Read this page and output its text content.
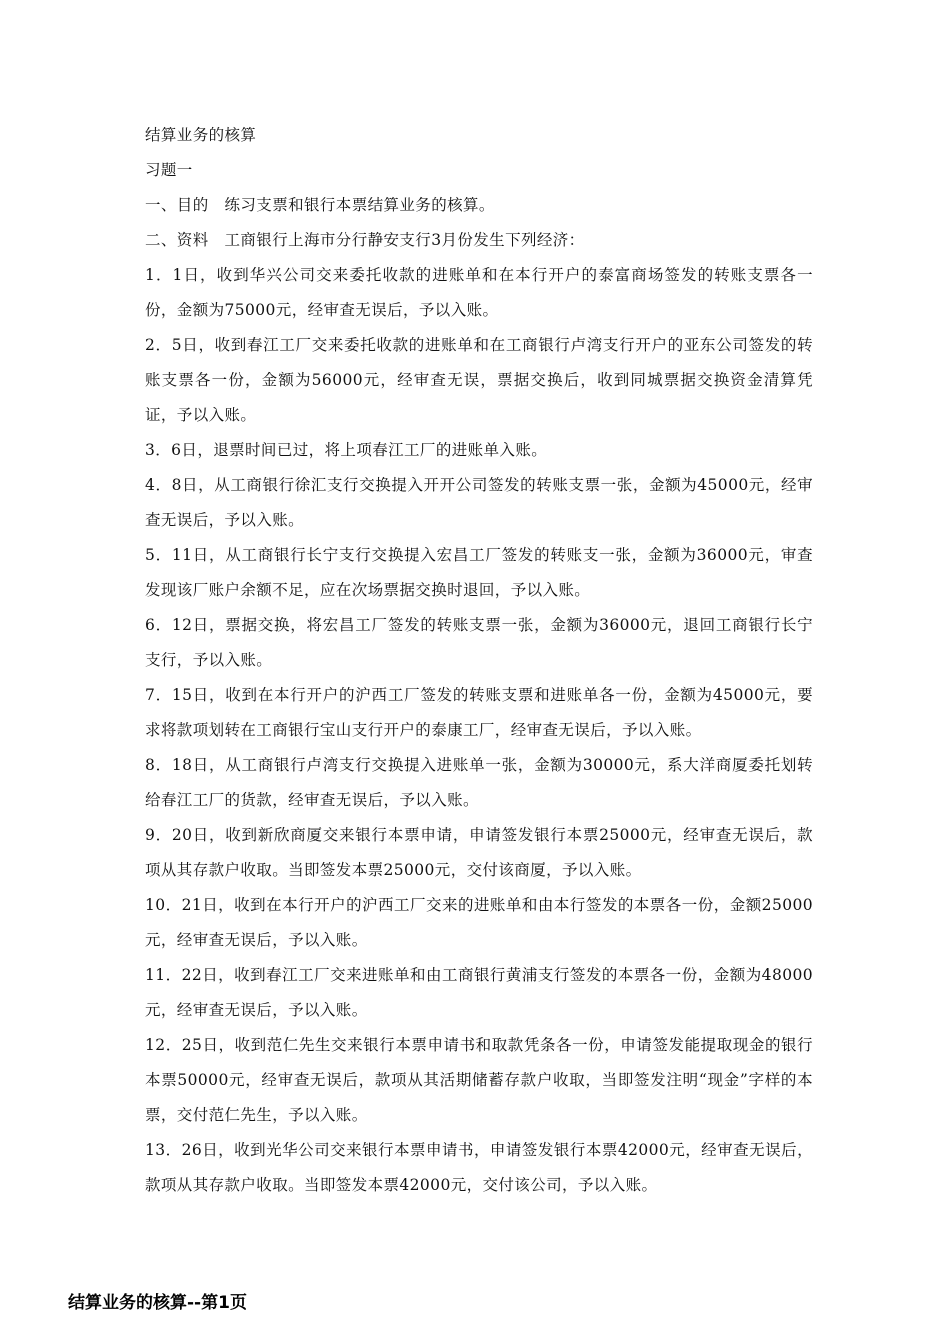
结算业务的核算

习题一

一、目的　练习支票和银行本票结算业务的核算。

二、资料　工商银行上海市分行静安支行3月份发生下列经济：

1．1日，收到华兴公司交来委托收款的进账单和在本行开户的泰富商场签发的转账支票各一份，金额为75000元，经审查无误后，予以入账。

2．5日，收到春江工厂交来委托收款的进账单和在工商银行卢湾支行开户的亚东公司签发的转账支票各一份，金额为56000元，经审查无误，票据交换后，收到同城票据交换资金清算凭证，予以入账。

3．6日，退票时间已过，将上项春江工厂的进账单入账。

4．8日，从工商银行徐汇支行交换提入开开公司签发的转账支票一张，金额为45000元，经审查无误后，予以入账。

5．11日，从工商银行长宁支行交换提入宏昌工厂签发的转账支一张，金额为36000元，审查发现该厂账户余额不足，应在次场票据交换时退回，予以入账。

6．12日，票据交换，将宏昌工厂签发的转账支票一张，金额为36000元，退回工商银行长宁支行，予以入账。

7．15日，收到在本行开户的沪西工厂签发的转账支票和进账单各一份，金额为45000元，要求将款项划转在工商银行宝山支行开户的泰康工厂，经审查无误后，予以入账。

8．18日，从工商银行卢湾支行交换提入进账单一张，金额为30000元，系大洋商厦委托划转给春江工厂的货款，经审查无误后，予以入账。

9．20日，收到新欣商厦交来银行本票申请，申请签发银行本票25000元，经审查无误后，款项从其存款户收取。当即签发本票25000元，交付该商厦，予以入账。

10．21日，收到在本行开户的沪西工厂交来的进账单和由本行签发的本票各一份，金额25000元，经审查无误后，予以入账。

11．22日，收到春江工厂交来进账单和由工商银行黄浦支行签发的本票各一份，金额为48000元，经审查无误后，予以入账。

12．25日，收到范仁先生交来银行本票申请书和取款凭条各一份，申请签发能提取现金的银行本票50000元，经审查无误后，款项从其活期储蓄存款户收取，当即签发注明“现金”字样的本票，交付范仁先生，予以入账。

13．26日，收到光华公司交来银行本票申请书，申请签发银行本票42000元，经审查无误后，款项从其存款户收取。当即签发本票42000元，交付该公司，予以入账。

结算业务的核算--第1页
